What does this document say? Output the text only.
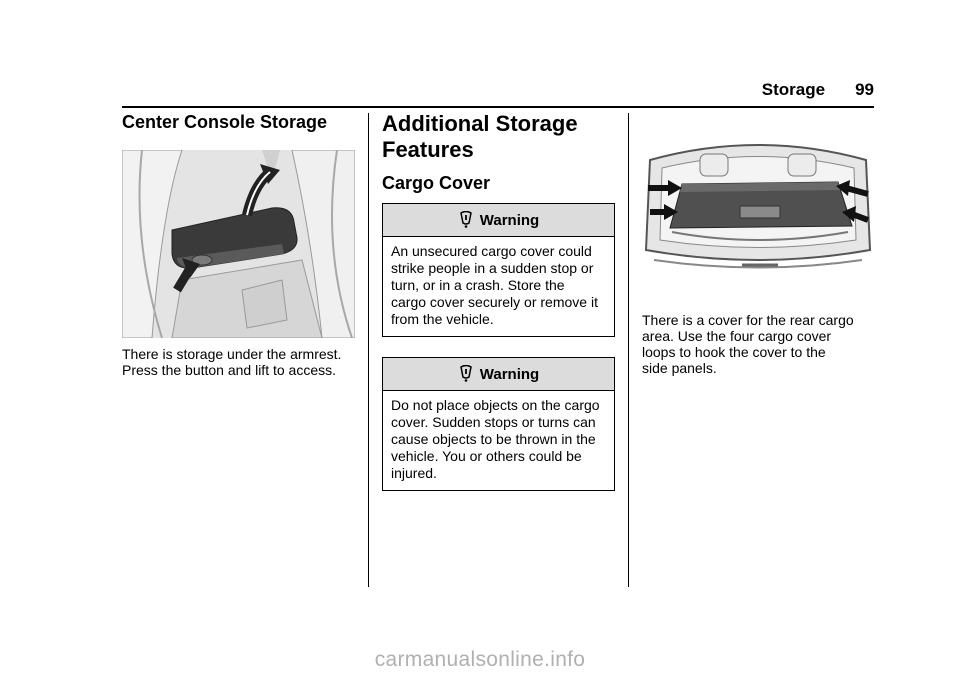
Storage 99
Center Console Storage

There is storage under the armrest.
Press the button and lift to access.

Additional Storage
Features
Cargo Cover
Warning
An unsecured cargo cover could
strike people in a sudden stop or
turn, or in a crash. Store the
cargo cover securely or remove it
from the vehicle.
Warning
Do not place objects on the cargo
cover. Sudden stops or turns can
cause objects to be thrown in the
vehicle. You or others could be
injured.

There is a cover for the rear cargo
area. Use the four cargo cover
loops to hook the cover to the
side panels.

carmanualsonline.info
